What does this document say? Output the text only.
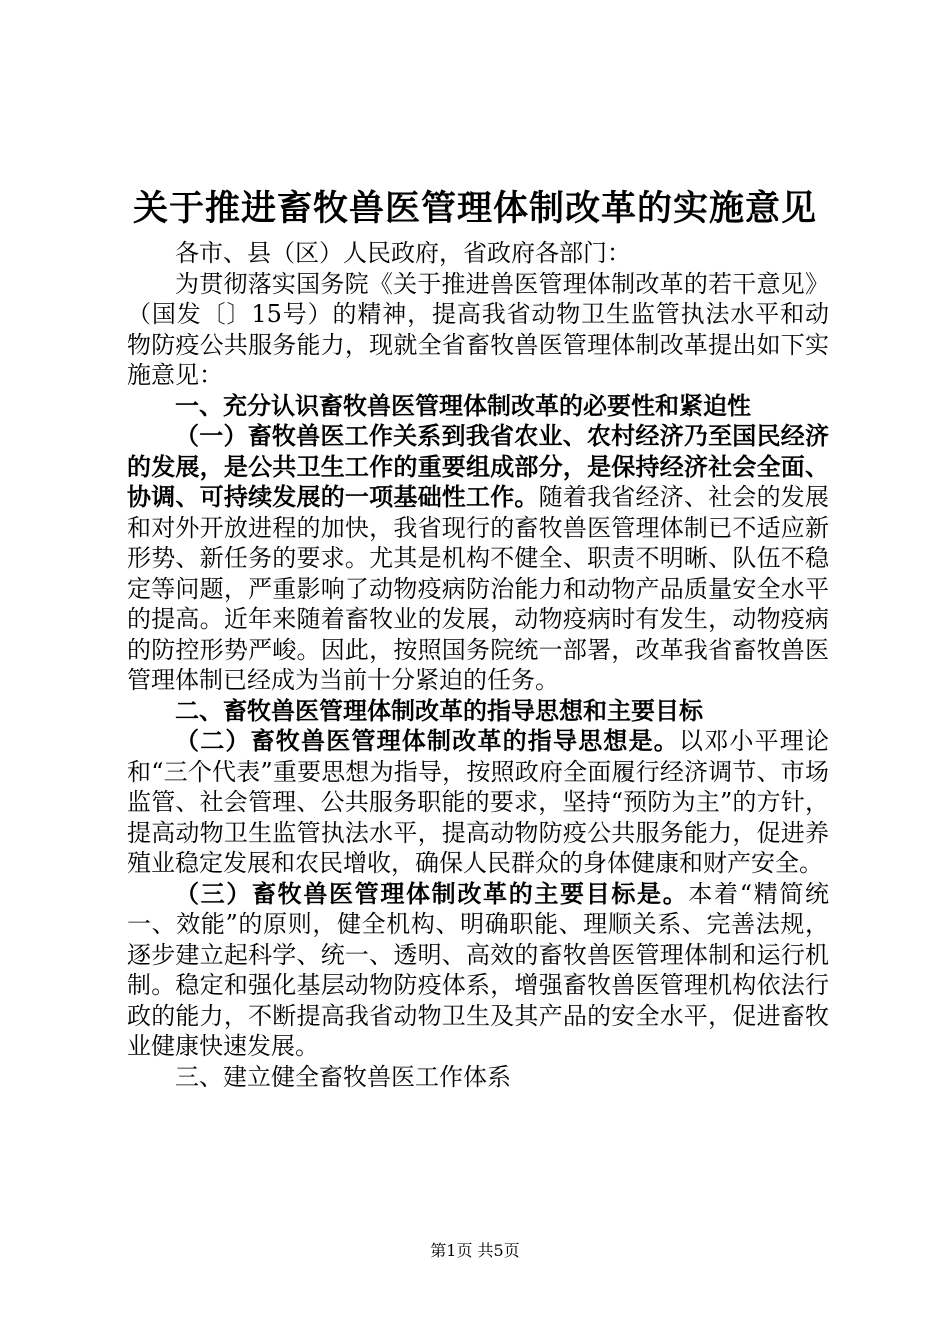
关于推进畜牧兽医管理体制改革的实施意见

各市、县（区）人民政府，省政府各部门：

为贯彻落实国务院《关于推进兽医管理体制改革的若干意见》（国发〔〕15号）的精神，提高我省动物卫生监管执法水平和动物防疫公共服务能力，现就全省畜牧兽医管理体制改革提出如下实施意见：

一、充分认识畜牧兽医管理体制改革的必要性和紧迫性

（一）畜牧兽医工作关系到我省农业、农村经济乃至国民经济的发展，是公共卫生工作的重要组成部分，是保持经济社会全面、协调、可持续发展的一项基础性工作。随着我省经济、社会的发展和对外开放进程的加快，我省现行的畜牧兽医管理体制已不适应新形势、新任务的要求。尤其是机构不健全、职责不明晰、队伍不稳定等问题，严重影响了动物疫病防治能力和动物产品质量安全水平的提高。近年来随着畜牧业的发展，动物疫病时有发生，动物疫病的防控形势严峻。因此，按照国务院统一部署，改革我省畜牧兽医管理体制已经成为当前十分紧迫的任务。

二、畜牧兽医管理体制改革的指导思想和主要目标

（二）畜牧兽医管理体制改革的指导思想是。以邓小平理论和“三个代表”重要思想为指导，按照政府全面履行经济调节、市场监管、社会管理、公共服务职能的要求，坚持“预防为主”的方针，提高动物卫生监管执法水平，提高动物防疫公共服务能力，促进养殖业稳定发展和农民增收，确保人民群众的身体健康和财产安全。

（三）畜牧兽医管理体制改革的主要目标是。本着“精简统一、效能”的原则，健全机构、明确职能、理顺关系、完善法规，逐步建立起科学、统一、透明、高效的畜牧兽医管理体制和运行机制。稳定和强化基层动物防疫体系，增强畜牧兽医管理机构依法行政的能力，不断提高我省动物卫生及其产品的安全水平，促进畜牧业健康快速发展。

三、建立健全畜牧兽医工作体系

第1页 共5页
